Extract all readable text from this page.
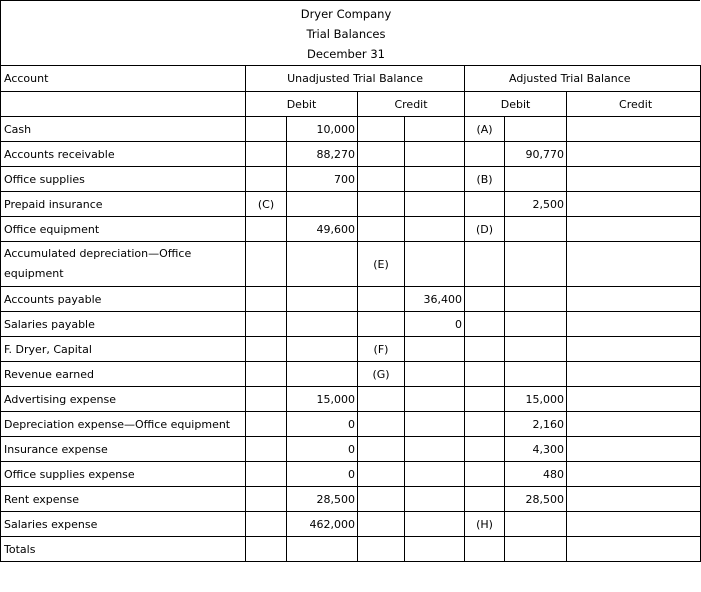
Dryer Company
Trial Balances
December 31
Account	Unadjusted Trial Balance				Adjusted Trial Balance		
	Debit		Credit		Debit		Credit
Cash		10,000			(A)		
Accounts receivable		88,270				90,770	
Office supplies		700			(B)		
Prepaid insurance	(C)					2,500	
Office equipment		49,600			(D)		
Accumulated depreciation—Office equipment			(E)				
Accounts payable				36,400			
Salaries payable				0			
F. Dryer, Capital			(F)				
Revenue earned			(G)				
Advertising expense		15,000				15,000	
Depreciation expense—Office equipment		0				2,160	
Insurance expense		0				4,300	
Office supplies expense		0				480	
Rent expense		28,500				28,500	
Salaries expense		462,000			(H)		
Totals							
